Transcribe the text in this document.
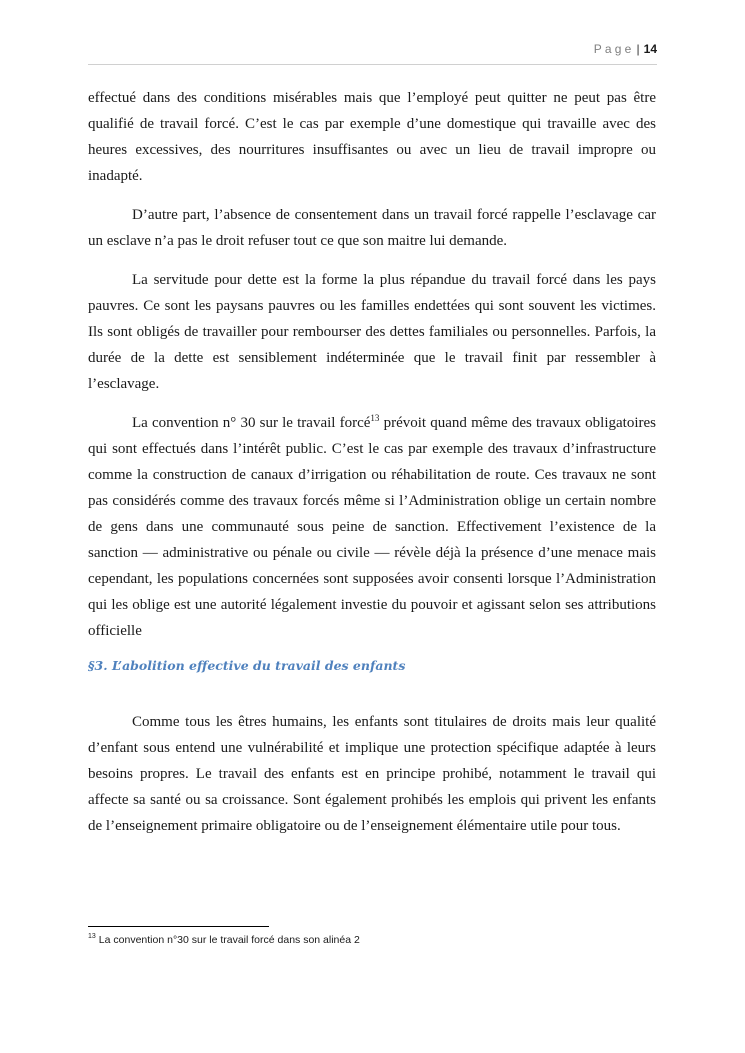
Page | 14

effectué dans des conditions misérables mais que l’employé peut quitter ne peut pas être qualifié de travail forcé. C’est le cas par exemple d’une domestique qui travaille avec des heures excessives, des nourritures insuffisantes ou avec un lieu de travail impropre ou inadapté.

D’autre part, l’absence de consentement dans un travail forcé rappelle l’esclavage car un esclave n’a pas le droit refuser tout ce que son maitre lui demande.

La servitude pour dette est la forme la plus répandue du travail forcé dans les pays pauvres. Ce sont les paysans pauvres ou les familles endettées qui sont souvent les victimes. Ils sont obligés de travailler pour rembourser des dettes familiales ou personnelles. Parfois, la durée de la dette est sensiblement indéterminée que le travail finit par ressembler à l’esclavage.

La convention n° 30 sur le travail forcé$^{13}$ prévoit quand même des travaux obligatoires qui sont effectués dans l’intérêt public. C’est le cas par exemple des travaux d’infrastructure comme la construction de canaux d’irrigation ou réhabilitation de route. Ces travaux ne sont pas considérés comme des travaux forcés même si l’Administration oblige un certain nombre de gens dans une communauté sous peine de sanction. Effectivement l’existence de la sanction — administrative ou pénale ou civile — révèle déjà la présence d’une menace mais cependant, les populations concernées sont supposées avoir consenti lorsque l’Administration qui les oblige est une autorité légalement investie du pouvoir et agissant selon ses attributions officielle

§3. L’abolition effective du travail des enfants

Comme tous les êtres humains, les enfants sont titulaires de droits mais leur qualité d’enfant sous entend une vulnérabilité et implique une protection spécifique adaptée à leurs besoins propres. Le travail des enfants est en principe prohibé, notamment le travail qui affecte sa santé ou sa croissance. Sont également prohibés les emplois qui privent les enfants de l’enseignement primaire obligatoire ou de l’enseignement élémentaire utile pour tous.

$^{13}$ La convention n°30 sur le travail forcé dans son alinéa 2
